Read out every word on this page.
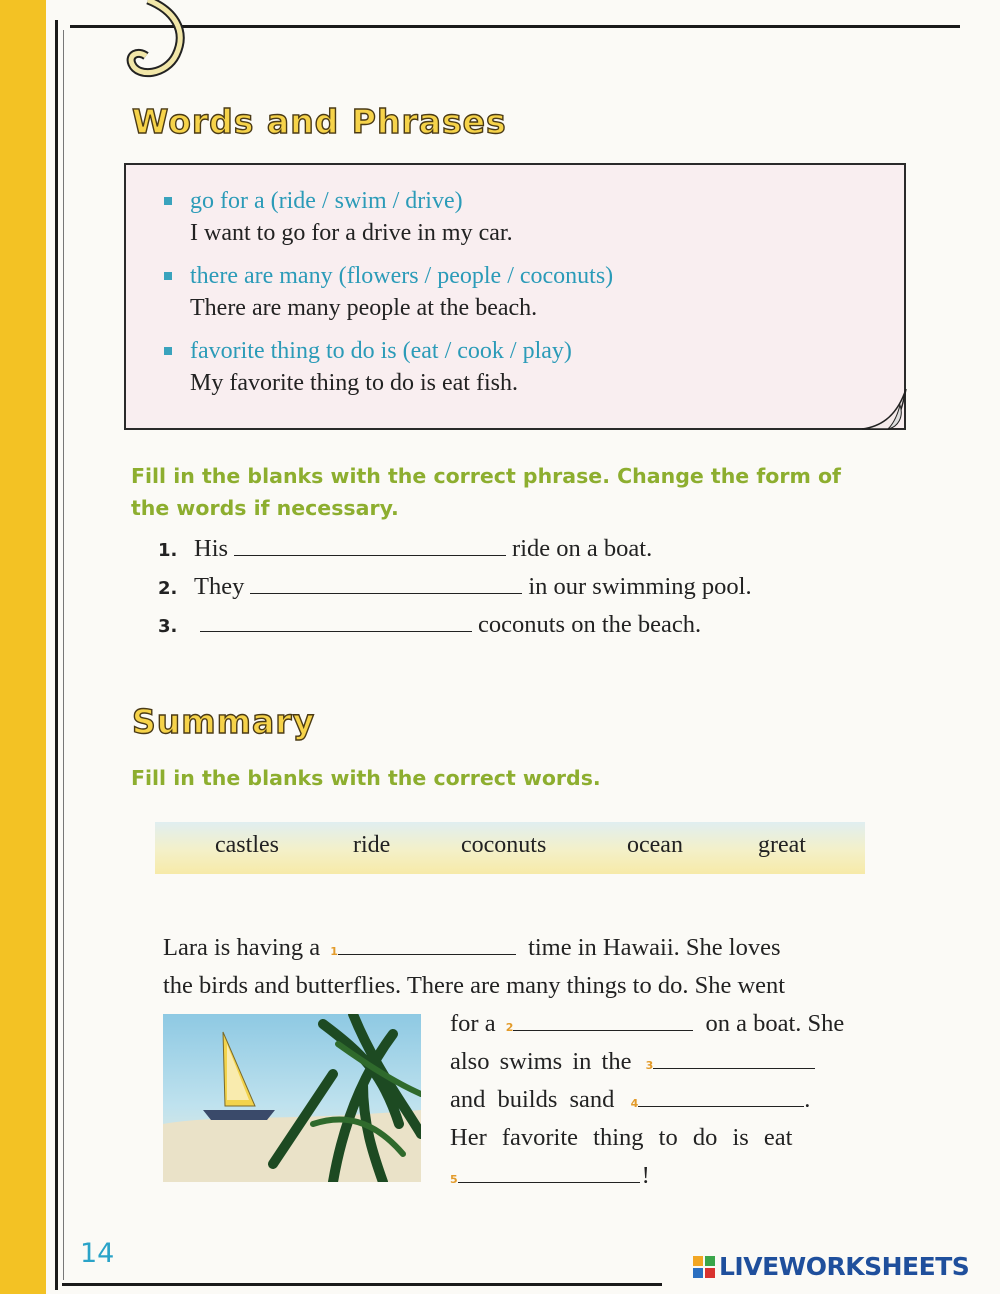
Words and Phrases
go for a (ride / swim / drive)
I want to go for a drive in my car.
there are many (flowers / people / coconuts)
There are many people at the beach.
favorite thing to do is (eat / cook / play)
My favorite thing to do is eat fish.
Fill in the blanks with the correct phrase. Change the form of
the words if necessary.
1. His	ride on a boat.
2. They	in our swimming pool.
3.	coconuts on the beach.
Summary
Fill in the blanks with the correct words.
castles	ride	coconuts	ocean	great
Lara is having a 1	time in Hawaii. She loves
the birds and butterflies. There are many things to do. She went
for a 2	on a boat. She
also swims in the 3
and builds sand 4	.
Her favorite thing to do is eat
5	!
14	LIVEWORKSHEETS
